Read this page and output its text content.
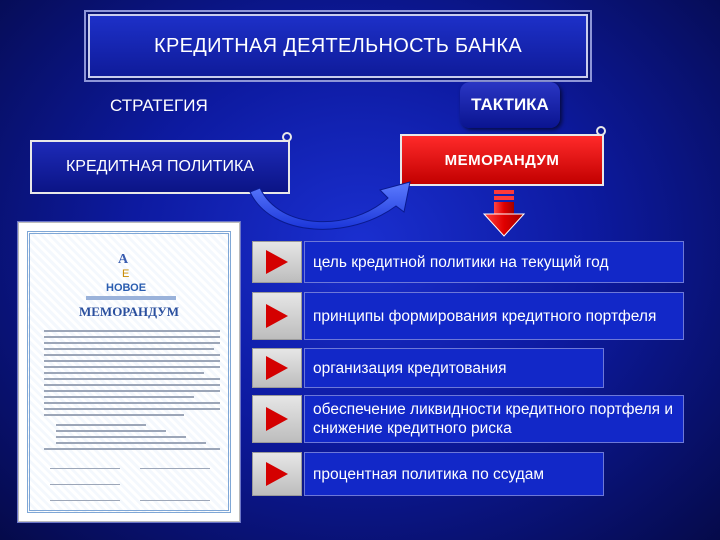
КРЕДИТНАЯ ДЕЯТЕЛЬНОСТЬ БАНКА
СТРАТЕГИЯ	ТАКТИКА
КРЕДИТНАЯ ПОЛИТИКА	МЕМОРАНДУМ
А
Е
НОВОЕ
МЕМОРАНДУМ
цель кредитной политики на текущий год
принципы формирования кредитного портфеля
организация кредитования
обеспечение ликвидности кредитного портфеля и снижение кредитного риска
процентная политика по ссудам
